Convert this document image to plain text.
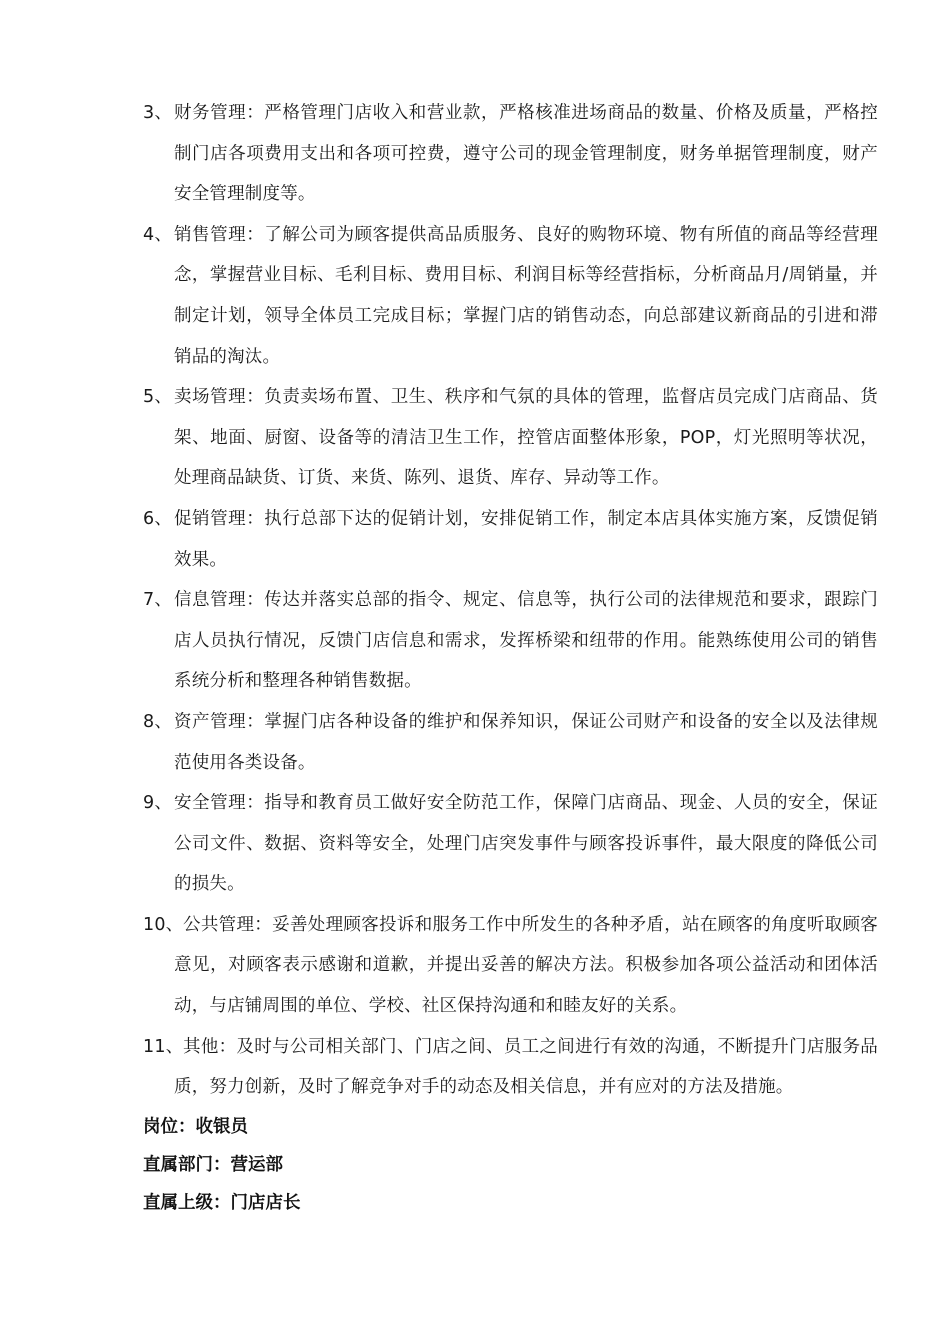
3、 财务管理：严格管理门店收入和营业款，严格核准进场商品的数量、价格及质量，严格控制门店各项费用支出和各项可控费，遵守公司的现金管理制度，财务单据管理制度，财产安全管理制度等。
4、 销售管理：了解公司为顾客提供高品质服务、良好的购物环境、物有所值的商品等经营理念，掌握营业目标、毛利目标、费用目标、利润目标等经营指标，分析商品月/周销量，并制定计划，领导全体员工完成目标；掌握门店的销售动态，向总部建议新商品的引进和滞销品的淘汰。
5、 卖场管理：负责卖场布置、卫生、秩序和气氛的具体的管理，监督店员完成门店商品、货架、地面、厨窗、设备等的清洁卫生工作，控管店面整体形象，POP，灯光照明等状况，处理商品缺货、订货、来货、陈列、退货、库存、异动等工作。
6、 促销管理：执行总部下达的促销计划，安排促销工作，制定本店具体实施方案，反馈促销效果。
7、 信息管理：传达并落实总部的指令、规定、信息等，执行公司的法律规范和要求，跟踪门店人员执行情况，反馈门店信息和需求，发挥桥梁和纽带的作用。能熟练使用公司的销售系统分析和整理各种销售数据。
8、 资产管理：掌握门店各种设备的维护和保养知识，保证公司财产和设备的安全以及法律规范使用各类设备。
9、 安全管理：指导和教育员工做好安全防范工作，保障门店商品、现金、人员的安全，保证公司文件、数据、资料等安全，处理门店突发事件与顾客投诉事件，最大限度的降低公司的损失。
10、 公共管理：妥善处理顾客投诉和服务工作中所发生的各种矛盾，站在顾客的角度听取顾客意见，对顾客表示感谢和道歉，并提出妥善的解决方法。积极参加各项公益活动和团体活动，与店铺周围的单位、学校、社区保持沟通和和睦友好的关系。
11、 其他：及时与公司相关部门、门店之间、员工之间进行有效的沟通，不断提升门店服务品质，努力创新，及时了解竞争对手的动态及相关信息，并有应对的方法及措施。
岗位：收银员
直属部门：营运部
直属上级：门店店长
